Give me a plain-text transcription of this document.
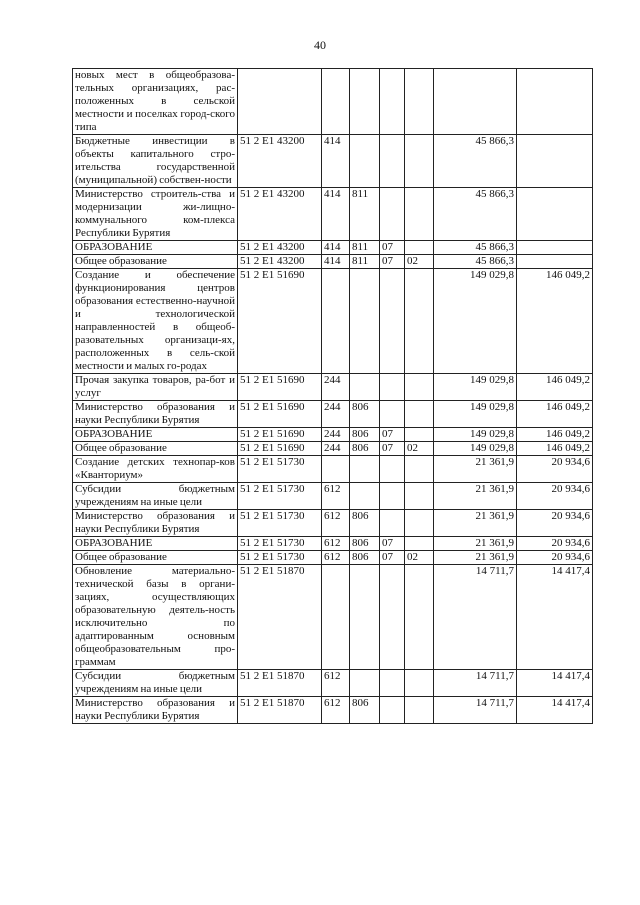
40
новых мест в общеобразова-тельных организациях, рас-положенных в сельской местности и поселках город-ского типа							
Бюджетные инвестиции в объекты капитального стро-ительства государственной (муниципальной) собствен-ности	51 2 E1 43200	414				45 866,3	
Министерство строитель-ства и модернизации жи-лищно-коммунального ком-плекса Республики Бурятия	51 2 E1 43200	414	811			45 866,3	
ОБРАЗОВАНИЕ	51 2 E1 43200	414	811	07		45 866,3	
Общее образование	51 2 E1 43200	414	811	07	02	45 866,3	
Создание и обеспечение функционирования центров образования естественно-научной и технологической направленностей в общеоб-разовательных организаци-ях, расположенных в сель-ской местности и малых го-родах	51 2 E1 51690					149 029,8	146 049,2
Прочая закупка товаров, ра-бот и услуг	51 2 E1 51690	244				149 029,8	146 049,2
Министерство образования и науки Республики Бурятия	51 2 E1 51690	244	806			149 029,8	146 049,2
ОБРАЗОВАНИЕ	51 2 E1 51690	244	806	07		149 029,8	146 049,2
Общее образование	51 2 E1 51690	244	806	07	02	149 029,8	146 049,2
Создание детских технопар-ков «Кванториум»	51 2 E1 51730					21 361,9	20 934,6
Субсидии бюджетным учреждениям на иные цели	51 2 E1 51730	612				21 361,9	20 934,6
Министерство образования и науки Республики Бурятия	51 2 E1 51730	612	806			21 361,9	20 934,6
ОБРАЗОВАНИЕ	51 2 E1 51730	612	806	07		21 361,9	20 934,6
Общее образование	51 2 E1 51730	612	806	07	02	21 361,9	20 934,6
Обновление материально-технической базы в органи-зациях, осуществляющих образовательную деятель-ность исключительно по адаптированным основным общеобразовательным про-граммам	51 2 E1 51870					14 711,7	14 417,4
Субсидии бюджетным учреждениям на иные цели	51 2 E1 51870	612				14 711,7	14 417,4
Министерство образования и науки Республики Бурятия	51 2 E1 51870	612	806			14 711,7	14 417,4
